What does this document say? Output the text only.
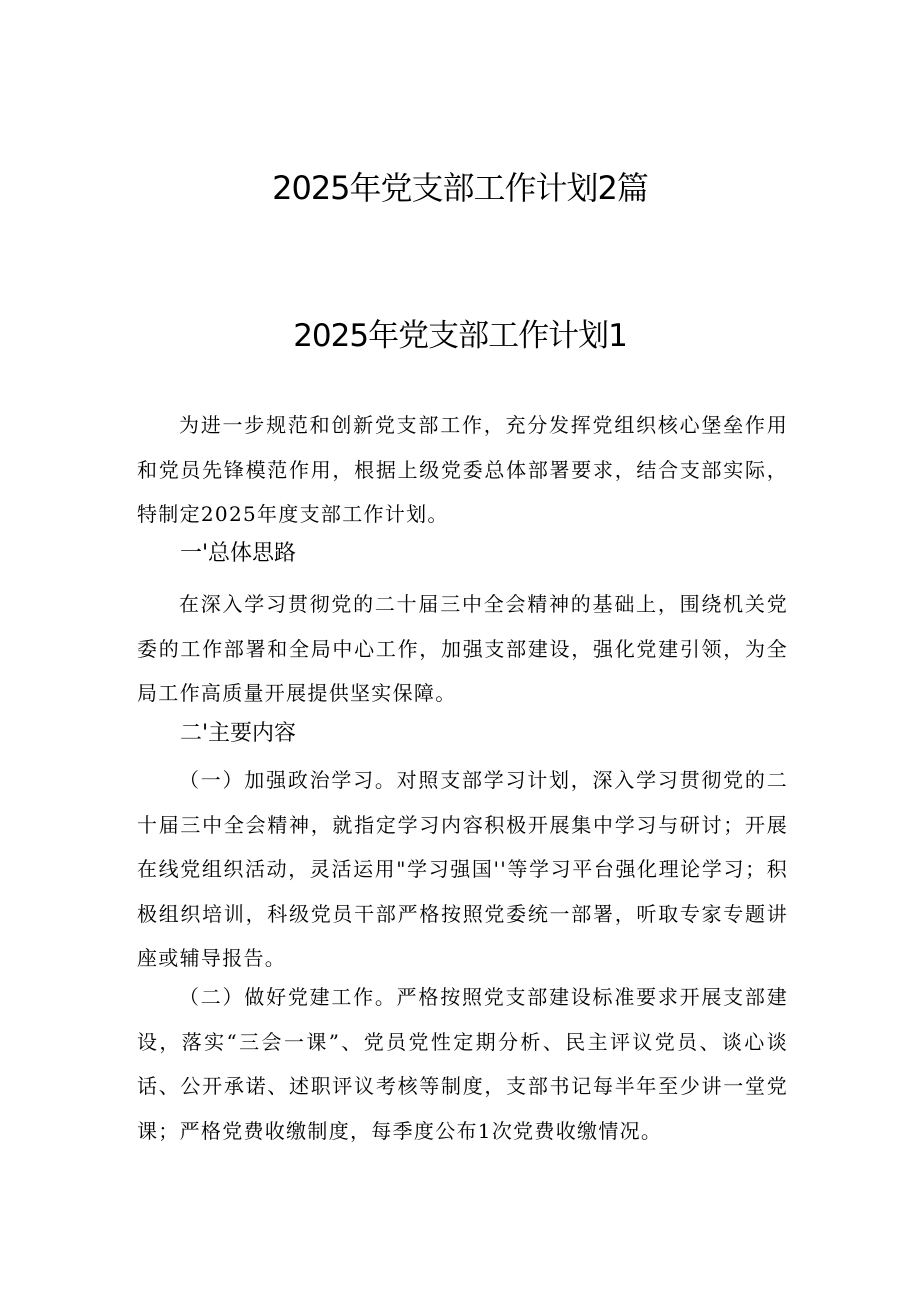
2025年党支部工作计划2篇
2025年党支部工作计划1

为进一步规范和创新党支部工作，充分发挥党组织核心堡垒作用和党员先锋模范作用，根据上级党委总体部署要求，结合支部实际，特制定2025年度支部工作计划。

一'总体思路

在深入学习贯彻党的二十届三中全会精神的基础上，围绕机关党委的工作部署和全局中心工作，加强支部建设，强化党建引领，为全局工作高质量开展提供坚实保障。

二'主要内容

（一）加强政治学习。对照支部学习计划，深入学习贯彻党的二十届三中全会精神，就指定学习内容积极开展集中学习与研讨；开展在线党组织活动，灵活运用"学习强国''等学习平台强化理论学习；积极组织培训，科级党员干部严格按照党委统一部署，听取专家专题讲座或辅导报告。

（二）做好党建工作。严格按照党支部建设标准要求开展支部建设，落实“三会一课”、党员党性定期分析、民主评议党员、谈心谈话、公开承诺、述职评议考核等制度，支部书记每半年至少讲一堂党课；严格党费收缴制度，每季度公布1次党费收缴情况。
